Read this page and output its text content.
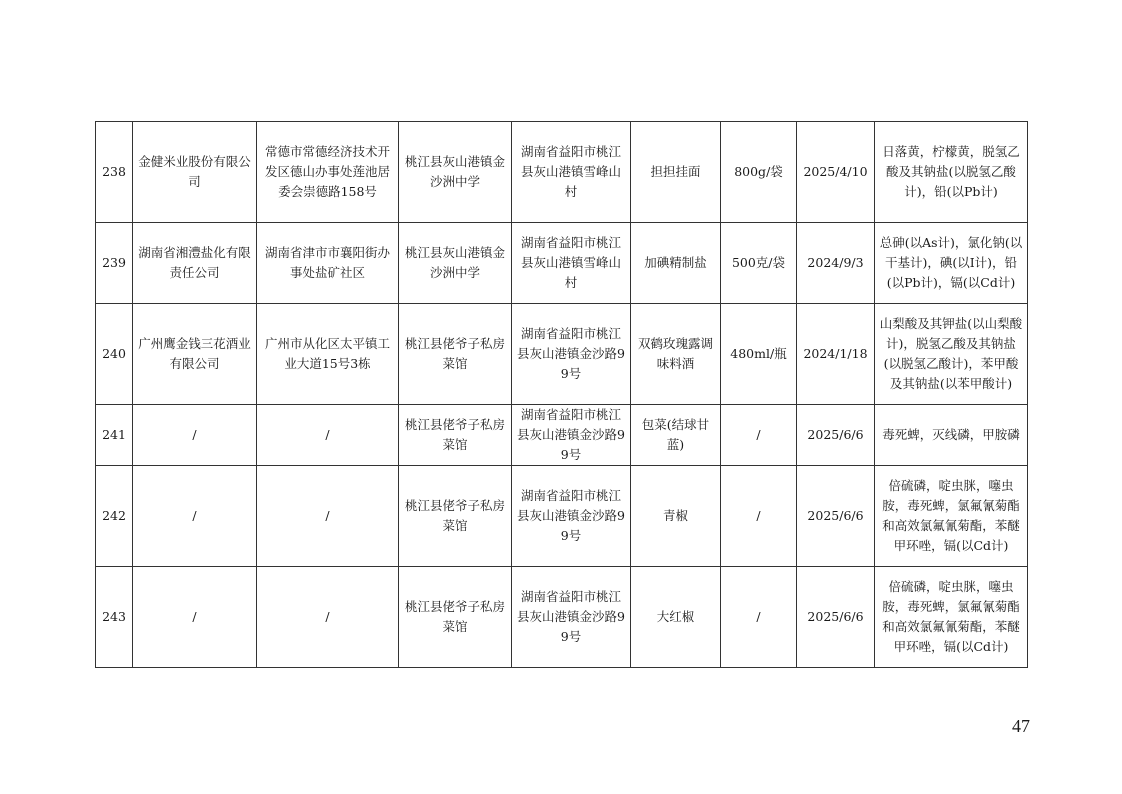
238	金健米业股份有限公司	常德市常德经济技术开发区德山办事处莲池居委会崇德路158号	桃江县灰山港镇金沙洲中学	湖南省益阳市桃江县灰山港镇雪峰山村	担担挂面	800g/袋	2025/4/10	日落黄，柠檬黄，脱氢乙酸及其钠盐(以脱氢乙酸计)，铅(以Pb计)
239	湖南省湘澧盐化有限责任公司	湖南省津市市襄阳街办事处盐矿社区	桃江县灰山港镇金沙洲中学	湖南省益阳市桃江县灰山港镇雪峰山村	加碘精制盐	500克/袋	2024/9/3	总砷(以As计)，氯化钠(以干基计)，碘(以I计)，铅(以Pb计)，镉(以Cd计)
240	广州鹰金钱三花酒业有限公司	广州市从化区太平镇工业大道15号3栋	桃江县佬爷子私房菜馆	湖南省益阳市桃江县灰山港镇金沙路99号	双鹤玫瑰露调味料酒	480ml/瓶	2024/1/18	山梨酸及其钾盐(以山梨酸计)，脱氢乙酸及其钠盐(以脱氢乙酸计)，苯甲酸及其钠盐(以苯甲酸计)
241	/	/	桃江县佬爷子私房菜馆	湖南省益阳市桃江县灰山港镇金沙路99号	包菜(结球甘蓝)	/	2025/6/6	毒死蜱，灭线磷，甲胺磷
242	/	/	桃江县佬爷子私房菜馆	湖南省益阳市桃江县灰山港镇金沙路99号	青椒	/	2025/6/6	倍硫磷，啶虫脒，噻虫胺，毒死蜱，氯氟氰菊酯和高效氯氟氰菊酯，苯醚甲环唑，镉(以Cd计)
243	/	/	桃江县佬爷子私房菜馆	湖南省益阳市桃江县灰山港镇金沙路99号	大红椒	/	2025/6/6	倍硫磷，啶虫脒，噻虫胺，毒死蜱，氯氟氰菊酯和高效氯氟氰菊酯，苯醚甲环唑，镉(以Cd计)
47
